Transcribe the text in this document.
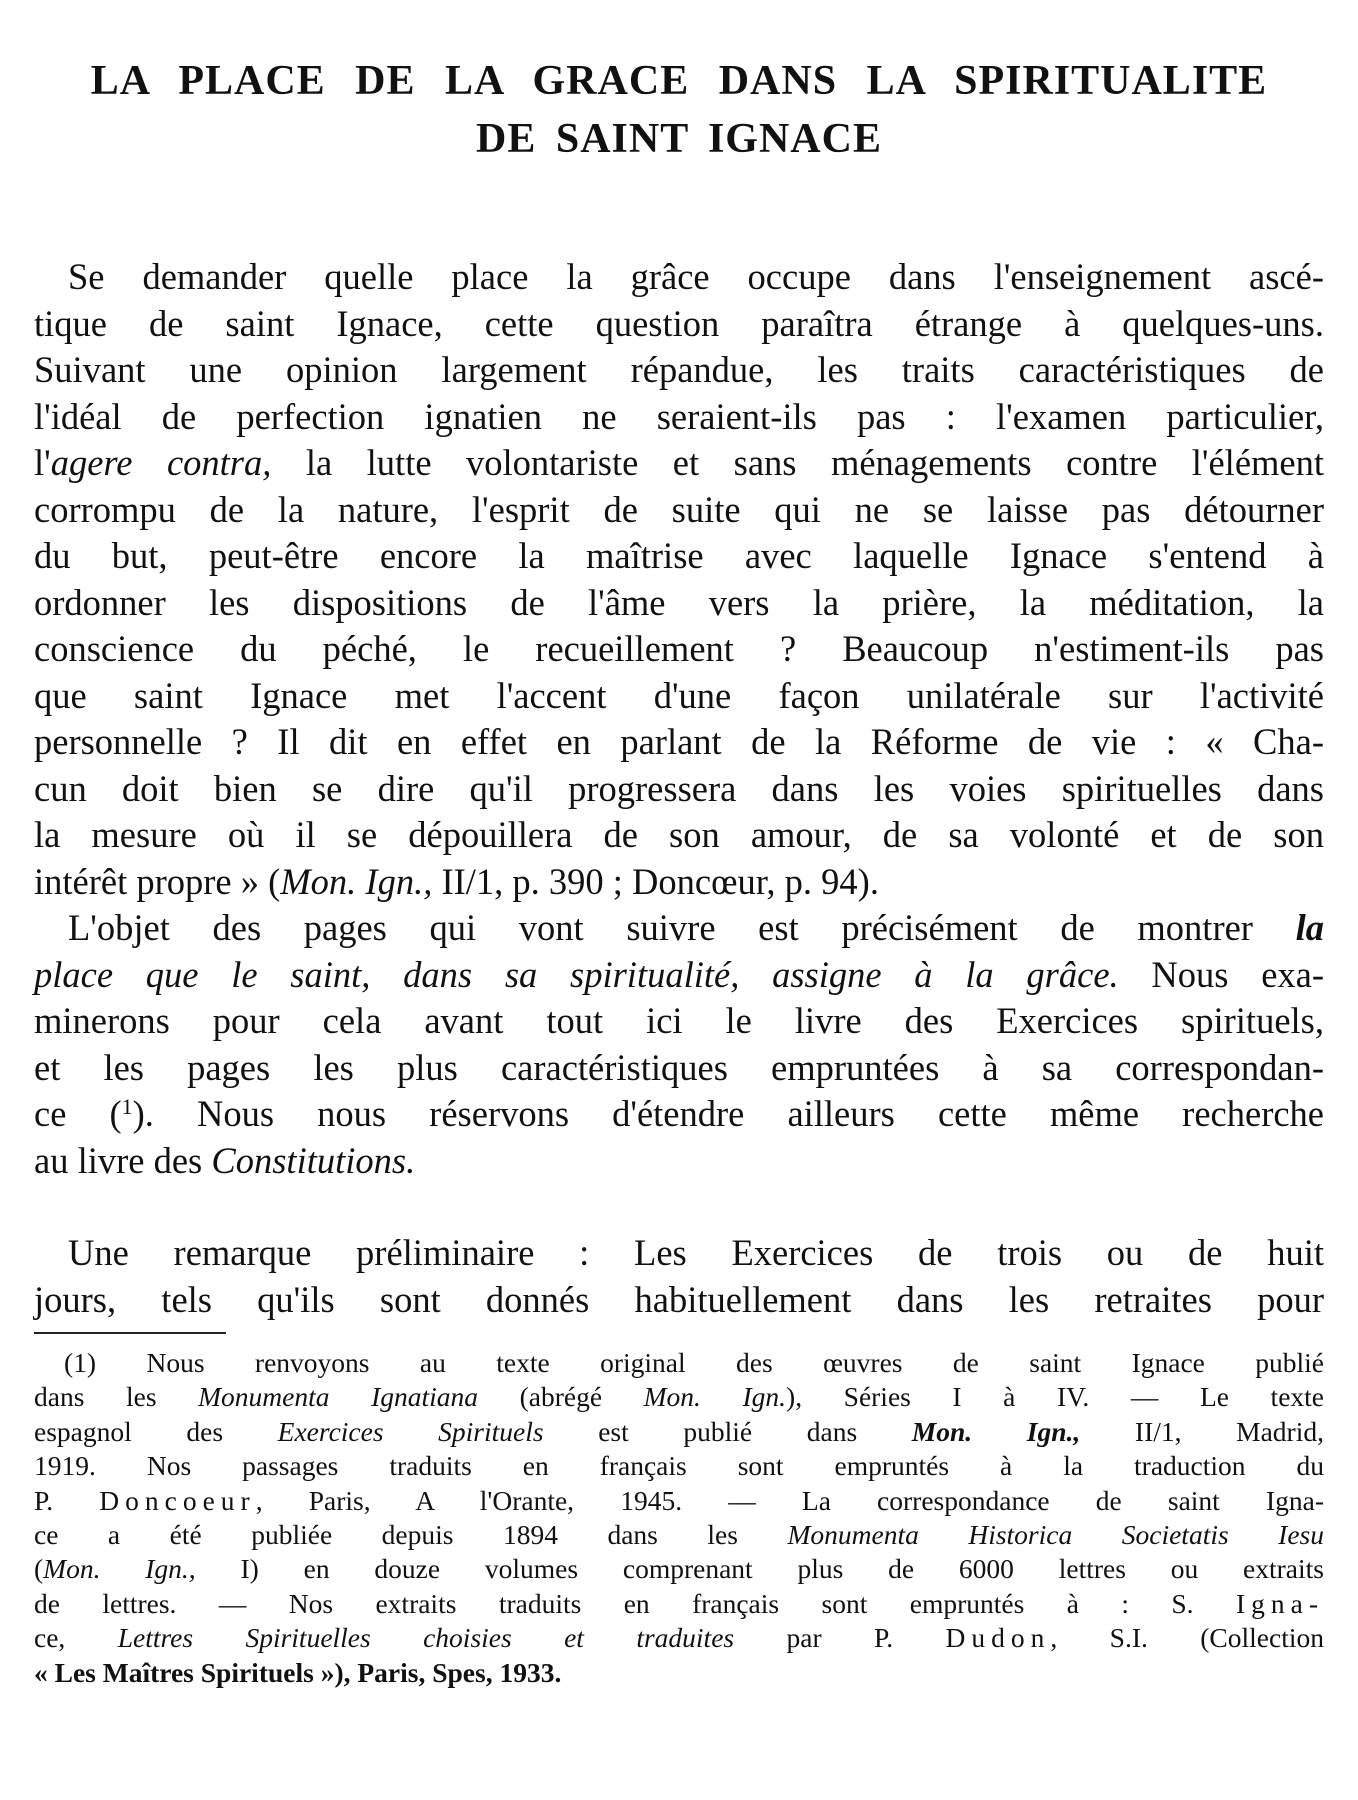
LA PLACE DE LA GRACE DANS LA SPIRITUALITE
DE SAINT IGNACE

Se demander quelle place la grâce occupe dans l'enseignement ascé-
tique de saint Ignace, cette question paraîtra étrange à quelques-uns.
Suivant une opinion largement répandue, les traits caractéristiques de
l'idéal de perfection ignatien ne seraient-ils pas : l'examen particulier,
l'agere contra, la lutte volontariste et sans ménagements contre l'élément
corrompu de la nature, l'esprit de suite qui ne se laisse pas détourner
du but, peut-être encore la maîtrise avec laquelle Ignace s'entend à
ordonner les dispositions de l'âme vers la prière, la méditation, la
conscience du péché, le recueillement ? Beaucoup n'estiment-ils pas
que saint Ignace met l'accent d'une façon unilatérale sur l'activité
personnelle ? Il dit en effet en parlant de la Réforme de vie : « Cha-
cun doit bien se dire qu'il progressera dans les voies spirituelles dans
la mesure où il se dépouillera de son amour, de sa volonté et de son
intérêt propre » (Mon. Ign., II/1, p. 390 ; Doncœur, p. 94).

L'objet des pages qui vont suivre est précisément de montrer la
place que le saint, dans sa spiritualité, assigne à la grâce. Nous exa-
minerons pour cela avant tout ici le livre des Exercices spirituels,
et les pages les plus caractéristiques empruntées à sa correspondan-
ce ($^1$). Nous nous réservons d'étendre ailleurs cette même recherche
au livre des Constitutions.

Une remarque préliminaire : Les Exercices de trois ou de huit
jours, tels qu'ils sont donnés habituellement dans les retraites pour

(1) Nous renvoyons au texte original des œuvres de saint Ignace publié
dans les Monumenta Ignatiana (abrégé Mon. Ign.), Séries I à IV. — Le texte
espagnol des Exercices Spirituels est publié dans Mon. Ign., II/1, Madrid,
1919. Nos passages traduits en français sont empruntés à la traduction du
P. Doncoeur, Paris, A l'Orante, 1945. — La correspondance de saint Igna-
ce a été publiée depuis 1894 dans les Monumenta Historica Societatis Iesu
(Mon. Ign., I) en douze volumes comprenant plus de 6000 lettres ou extraits
de lettres. — Nos extraits traduits en français sont empruntés à : S. Igna-
ce, Lettres Spirituelles choisies et traduites par P. Dudon, S.I. (Collection
« Les Maîtres Spirituels »), Paris, Spes, 1933.
